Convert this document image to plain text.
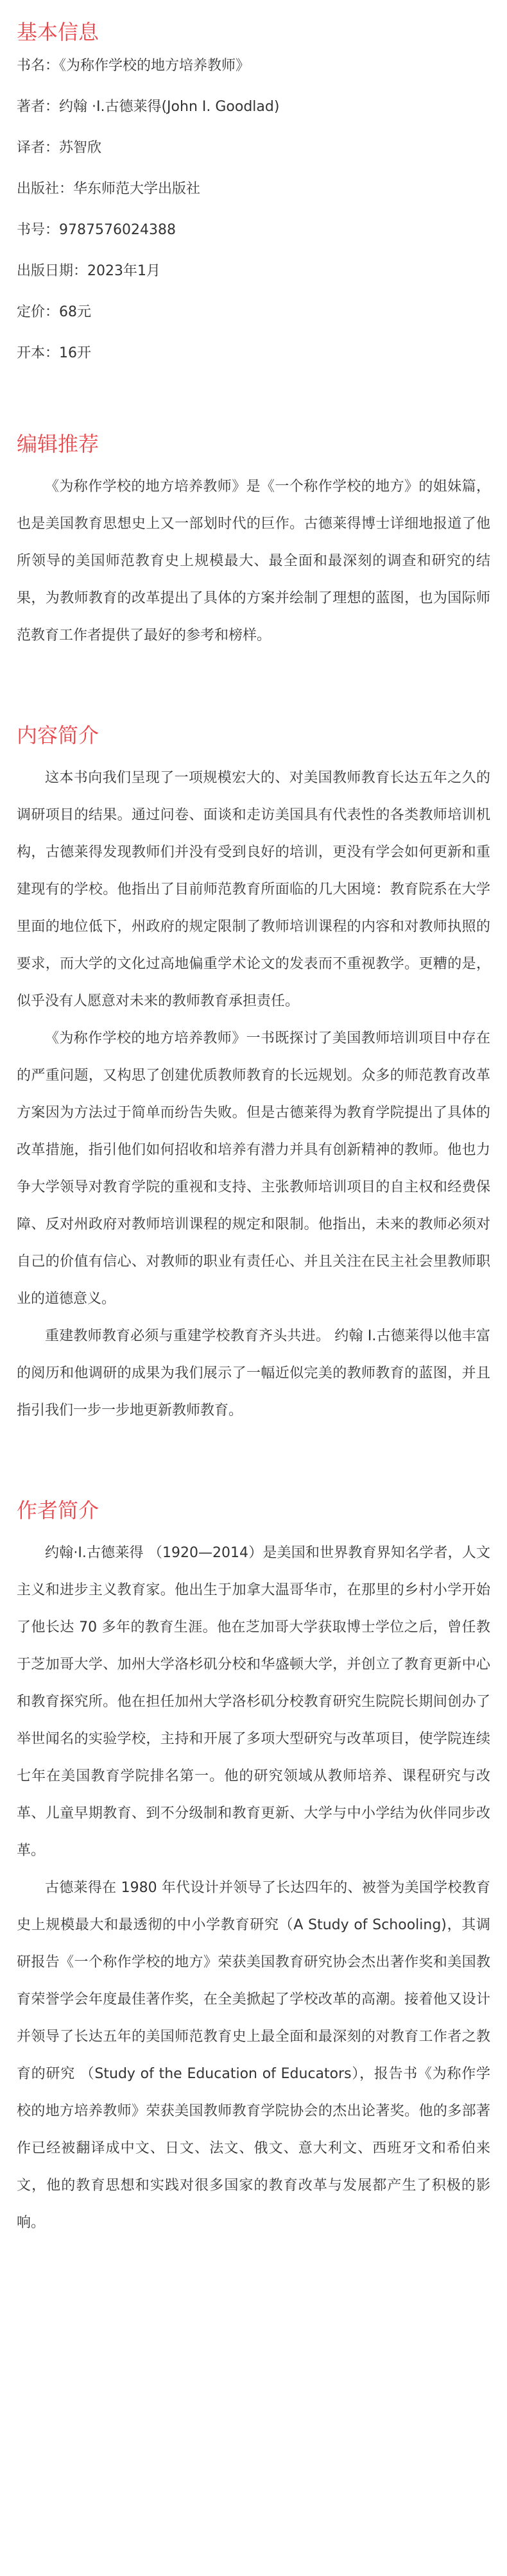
基本信息

书名：《为称作学校的地方培养教师》

著者：约翰 ·I.古德莱得(John I. Goodlad)

译者：苏智欣

出版社：华东师范大学出版社

书号：9787576024388

出版日期：2023年1月

定价：68元

开本：16开

编辑推荐

《为称作学校的地方培养教师》是《一个称作学校的地方》的姐妹篇，也是美国教育思想史上又一部划时代的巨作。古德莱得博士详细地报道了他所领导的美国师范教育史上规模最大、最全面和最深刻的调查和研究的结果，为教师教育的改革提出了具体的方案并绘制了理想的蓝图，也为国际师范教育工作者提供了最好的参考和榜样。

内容简介

这本书向我们呈现了一项规模宏大的、对美国教师教育长达五年之久的调研项目的结果。通过问卷、面谈和走访美国具有代表性的各类教师培训机构，古德莱得发现教师们并没有受到良好的培训，更没有学会如何更新和重建现有的学校。他指出了目前师范教育所面临的几大困境：教育院系在大学里面的地位低下，州政府的规定限制了教师培训课程的内容和对教师执照的要求，而大学的文化过高地偏重学术论文的发表而不重视教学。更糟的是，似乎没有人愿意对未来的教师教育承担责任。

《为称作学校的地方培养教师》一书既探讨了美国教师培训项目中存在的严重问题，又构思了创建优质教师教育的长远规划。众多的师范教育改革方案因为方法过于简单而纷告失败。但是古德莱得为教育学院提出了具体的改革措施，指引他们如何招收和培养有潜力并具有创新精神的教师。他也力争大学领导对教育学院的重视和支持、主张教师培训项目的自主权和经费保障、反对州政府对教师培训课程的规定和限制。他指出，未来的教师必须对自己的价值有信心、对教师的职业有责任心、并且关注在民主社会里教师职业的道德意义。

重建教师教育必须与重建学校教育齐头共进。 约翰 I.古德莱得以他丰富的阅历和他调研的成果为我们展示了一幅近似完美的教师教育的蓝图，并且指引我们一步一步地更新教师教育。

作者简介

约翰·I.古德莱得 （1920—2014）是美国和世界教育界知名学者，人文主义和进步主义教育家。他出生于加拿大温哥华市，在那里的乡村小学开始了他长达 70 多年的教育生涯。他在芝加哥大学获取博士学位之后，曾任教于芝加哥大学、加州大学洛杉矶分校和华盛顿大学，并创立了教育更新中心和教育探究所。他在担任加州大学洛杉矶分校教育研究生院院长期间创办了举世闻名的实验学校，主持和开展了多项大型研究与改革项目，使学院连续七年在美国教育学院排名第一。他的研究领域从教师培养、课程研究与改革、儿童早期教育、到不分级制和教育更新、大学与中小学结为伙伴同步改革。

古德莱得在 1980 年代设计并领导了长达四年的、被誉为美国学校教育史上规模最大和最透彻的中小学教育研究（A Study of Schooling)，其调研报告《一个称作学校的地方》荣获美国教育研究协会杰出著作奖和美国教育荣誉学会年度最佳著作奖，在全美掀起了学校改革的高潮。接着他又设计并领导了长达五年的美国师范教育史上最全面和最深刻的对教育工作者之教育的研究 （Study of the Education of Educators），报告书《为称作学校的地方培养教师》荣获美国教师教育学院协会的杰出论著奖。他的多部著作已经被翻译成中文、日文、法文、俄文、意大利文、西班牙文和希伯来文，他的教育思想和实践对很多国家的教育改革与发展都产生了积极的影响。
